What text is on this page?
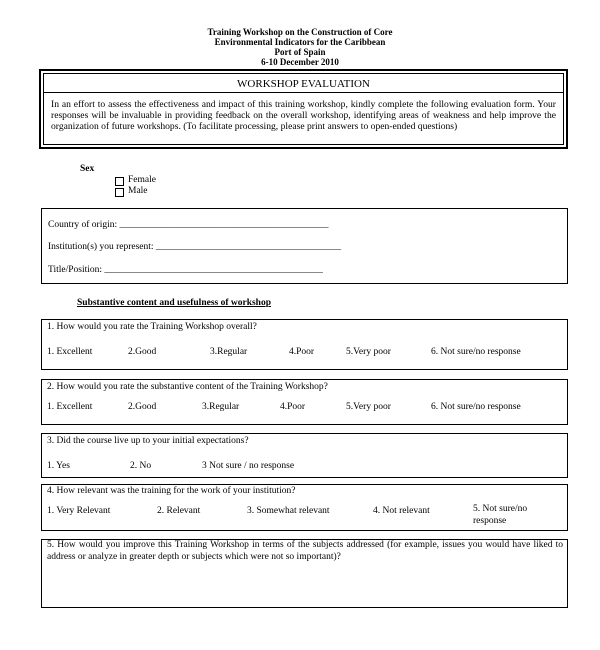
Training Workshop on the Construction of Core
Environmental Indicators for the Caribbean
Port of Spain
6-10 December 2010
WORKSHOP EVALUATION
In an effort to assess the effectiveness and impact of this training workshop, kindly complete the following evaluation form. Your responses will be invaluable in providing feedback on the overall workshop, identifying areas of weakness and help improve the organization of future workshops. (To facilitate processing, please print answers to open-ended questions)
Sex
Female
Male
Country of origin: ____________________________________________
Institution(s) you represent: _______________________________________
Title/Position: ______________________________________________
Substantive content and usefulness of workshop
1. How would you rate the Training Workshop overall?
1. Excellent	2.Good	3.Regular	4.Poor	5.Very poor	6. Not sure/no response
2. How would you rate the substantive content of the Training Workshop?
1. Excellent	2.Good	3.Regular	4.Poor	5.Very poor	6. Not sure/no response
3. Did the course live up to your initial expectations?
1. Yes	2. No	3 Not sure / no response
4. How relevant was the training for the work of your institution?
1. Very Relevant	2. Relevant	3. Somewhat relevant	4. Not relevant	5. Not sure/no
response
5. How would you improve this Training Workshop in terms of the subjects addressed (for example, issues you would have liked to address or analyze in greater depth or subjects which were not so important)?
